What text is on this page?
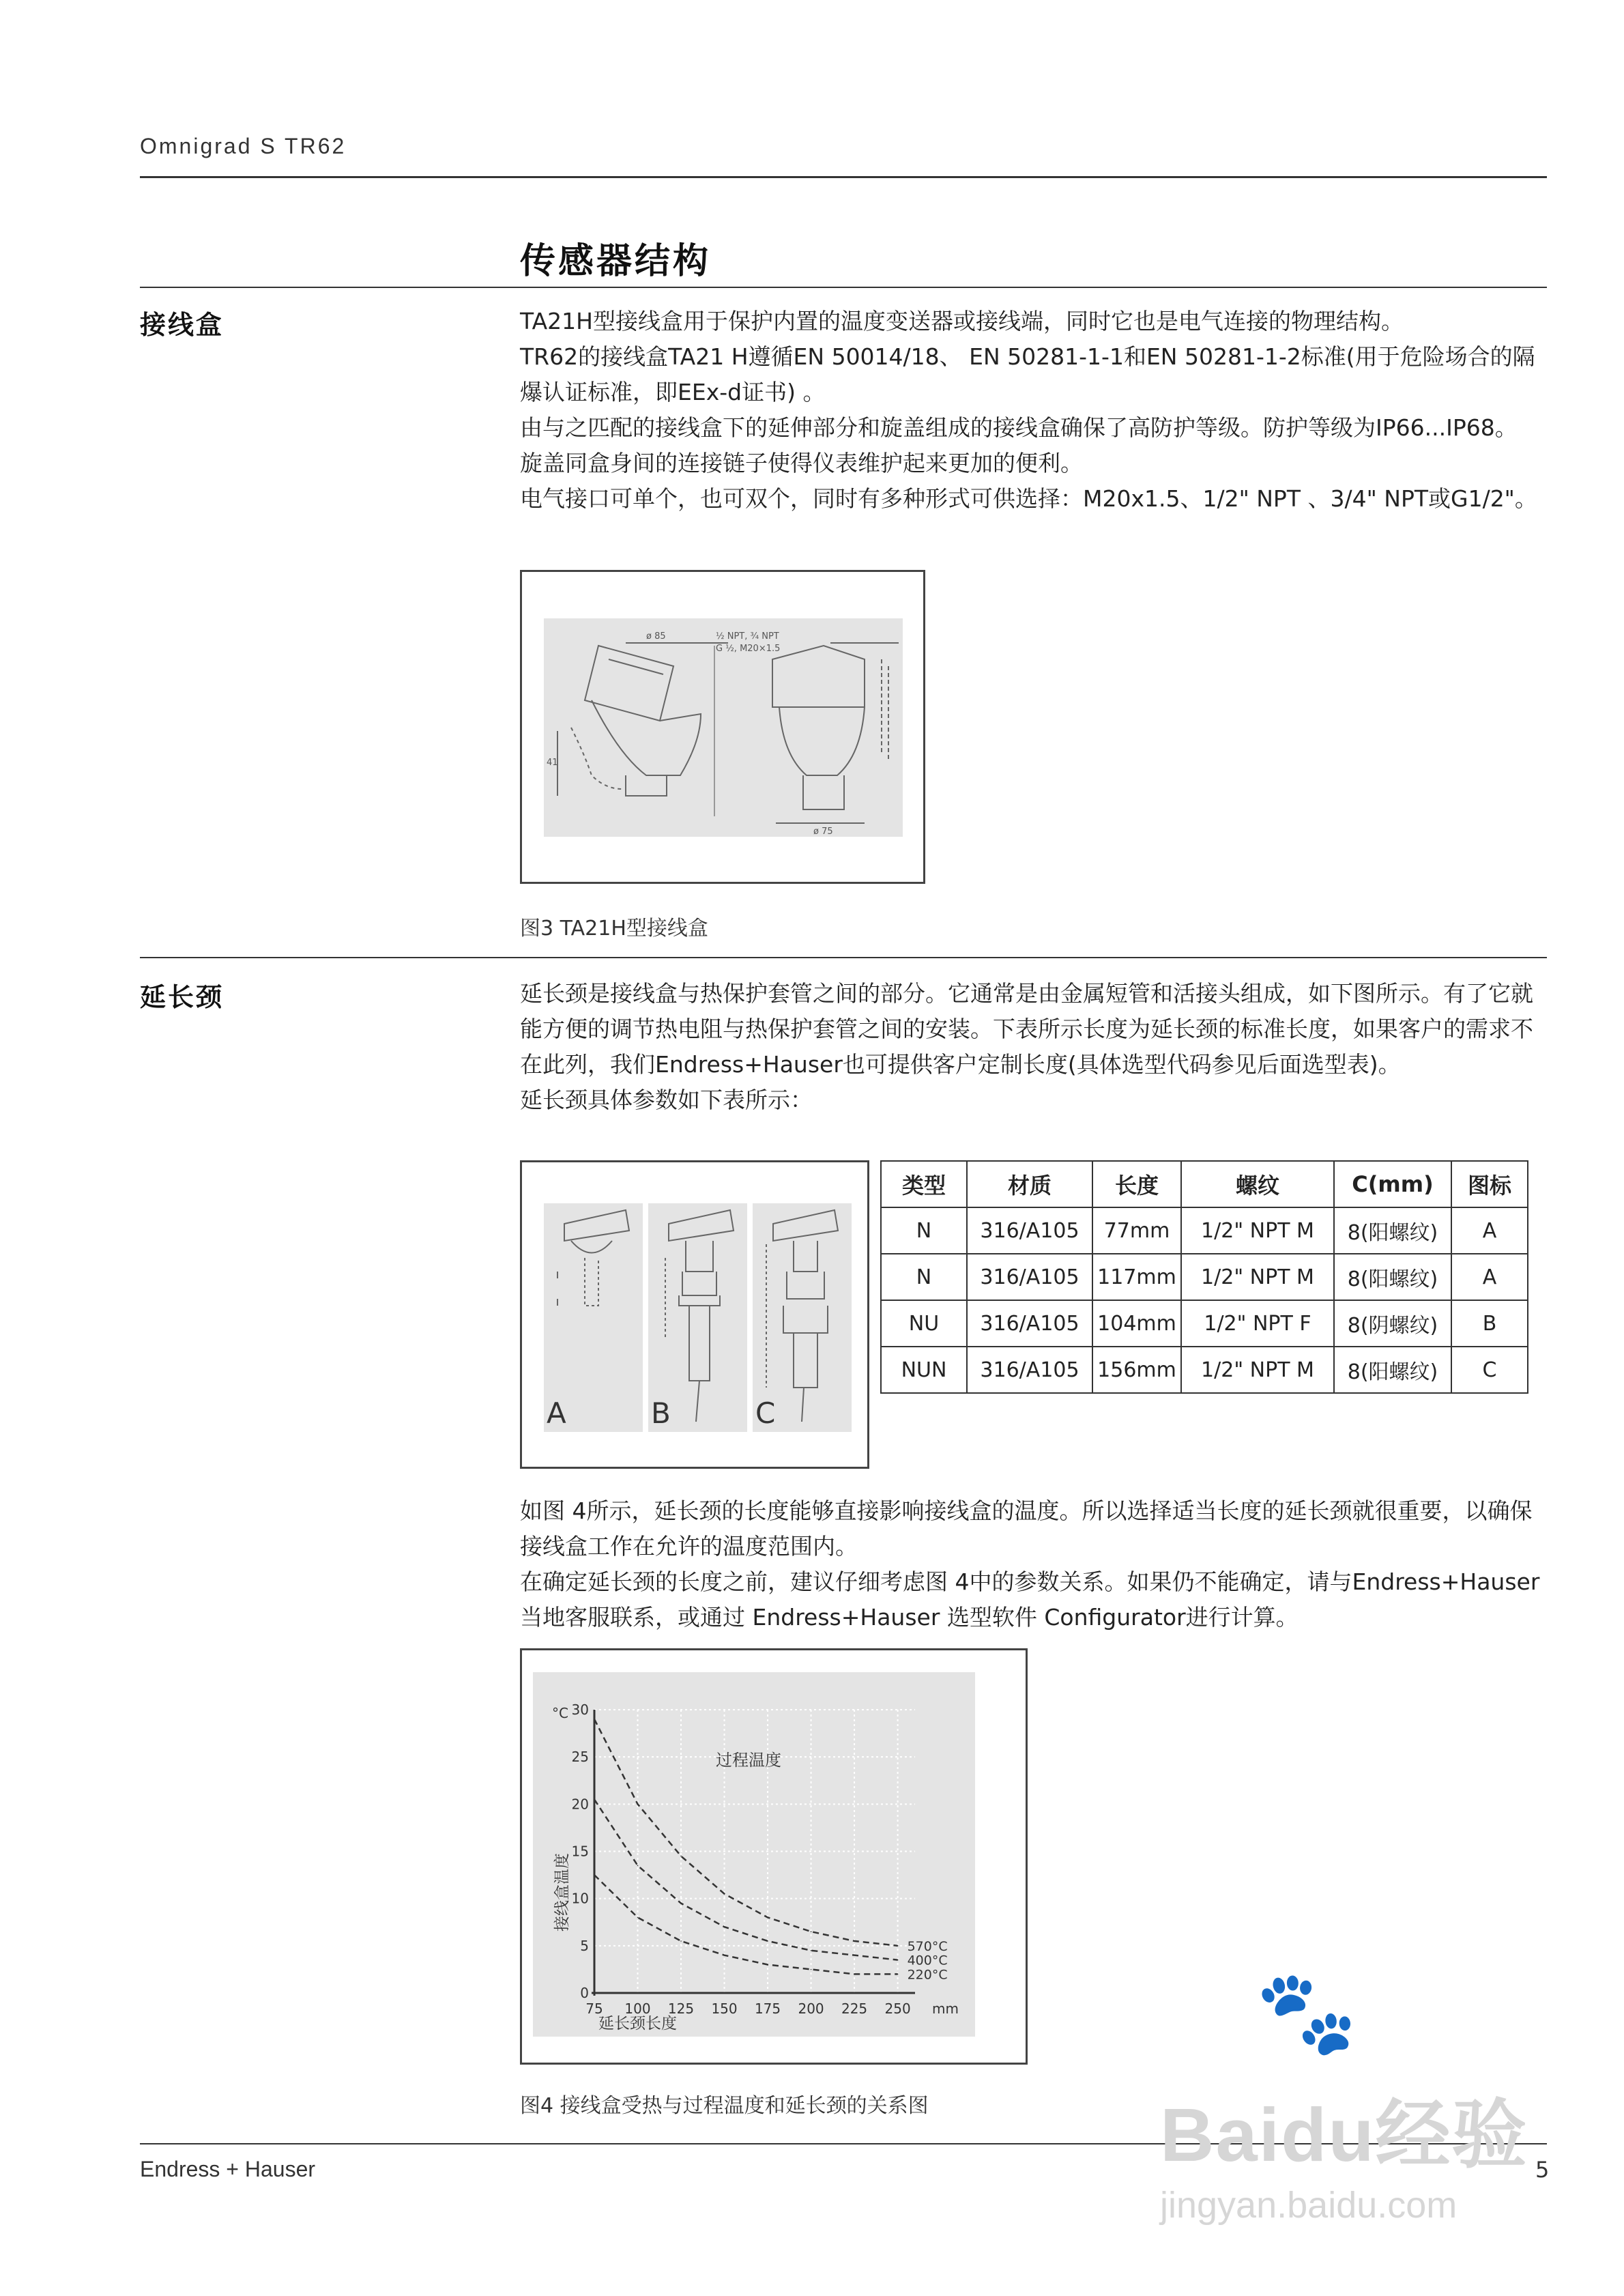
Omnigrad S TR62
传感器结构
接线盒	TA21H型接线盒用于保护内置的温度变送器或接线端，同时它也是电气连接的物理结构。

TR62的接线盒TA21 H遵循EN 50014/18、 EN 50281-1-1和EN 50281-1-2标准(用于危险场合的隔爆认证标准，即EEx-d证书) 。

由与之匹配的接线盒下的延伸部分和旋盖组成的接线盒确保了高防护等级。防护等级为IP66...IP68。 旋盖同盒身间的连接链子使得仪表维护起来更加的便利。

电气接口可单个，也可双个，同时有多种形式可供选择：M20x1.5、1/2" NPT 、3/4" NPT或G1/2"。

½ NPT, ¾ NPT
G ½, M20×1.5
ø 85
ø 75
41
图3 TA21H型接线盒
延长颈	延长颈是接线盒与热保护套管之间的部分。它通常是由金属短管和活接头组成，如下图所示。有了它就能方便的调节热电阻与热保护套管之间的安装。下表所示长度为延长颈的标准长度，如果客户的需求不在此列，我们Endress+Hauser也可提供客户定制长度(具体选型代码参见后面选型表)。

延长颈具体参数如下表所示：

A	B	C
类型	材质	长度	螺纹	C(mm)	图标
N	316/A105	77mm	1/2" NPT M	8(阳螺纹)	A
N	316/A105	117mm	1/2" NPT M	8(阳螺纹)	A
NU	316/A105	104mm	1/2" NPT F	8(阴螺纹)	B
NUN	316/A105	156mm	1/2" NPT M	8(阳螺纹)	C

如图 4所示，延长颈的长度能够直接影响接线盒的温度。所以选择适当长度的延长颈就很重要，以确保接线盒工作在允许的温度范围内。

在确定延长颈的长度之前，建议仔细考虑图 4中的参数关系。如果仍不能确定，请与Endress+Hauser当地客服联系，或通过 Endress+Hauser 选型软件 Configurator进行计算。

75 100 125 150 175 200 225 250 mm
0
5
10
15
20
25
30
°C
570°C
400°C
220°C
过程温度
延长颈长度
接线盒温度
图4 接线盒受热与过程温度和延长颈的关系图
Endress + Hauser	5
🐾
Baidu经验
jingyan.baidu.com
